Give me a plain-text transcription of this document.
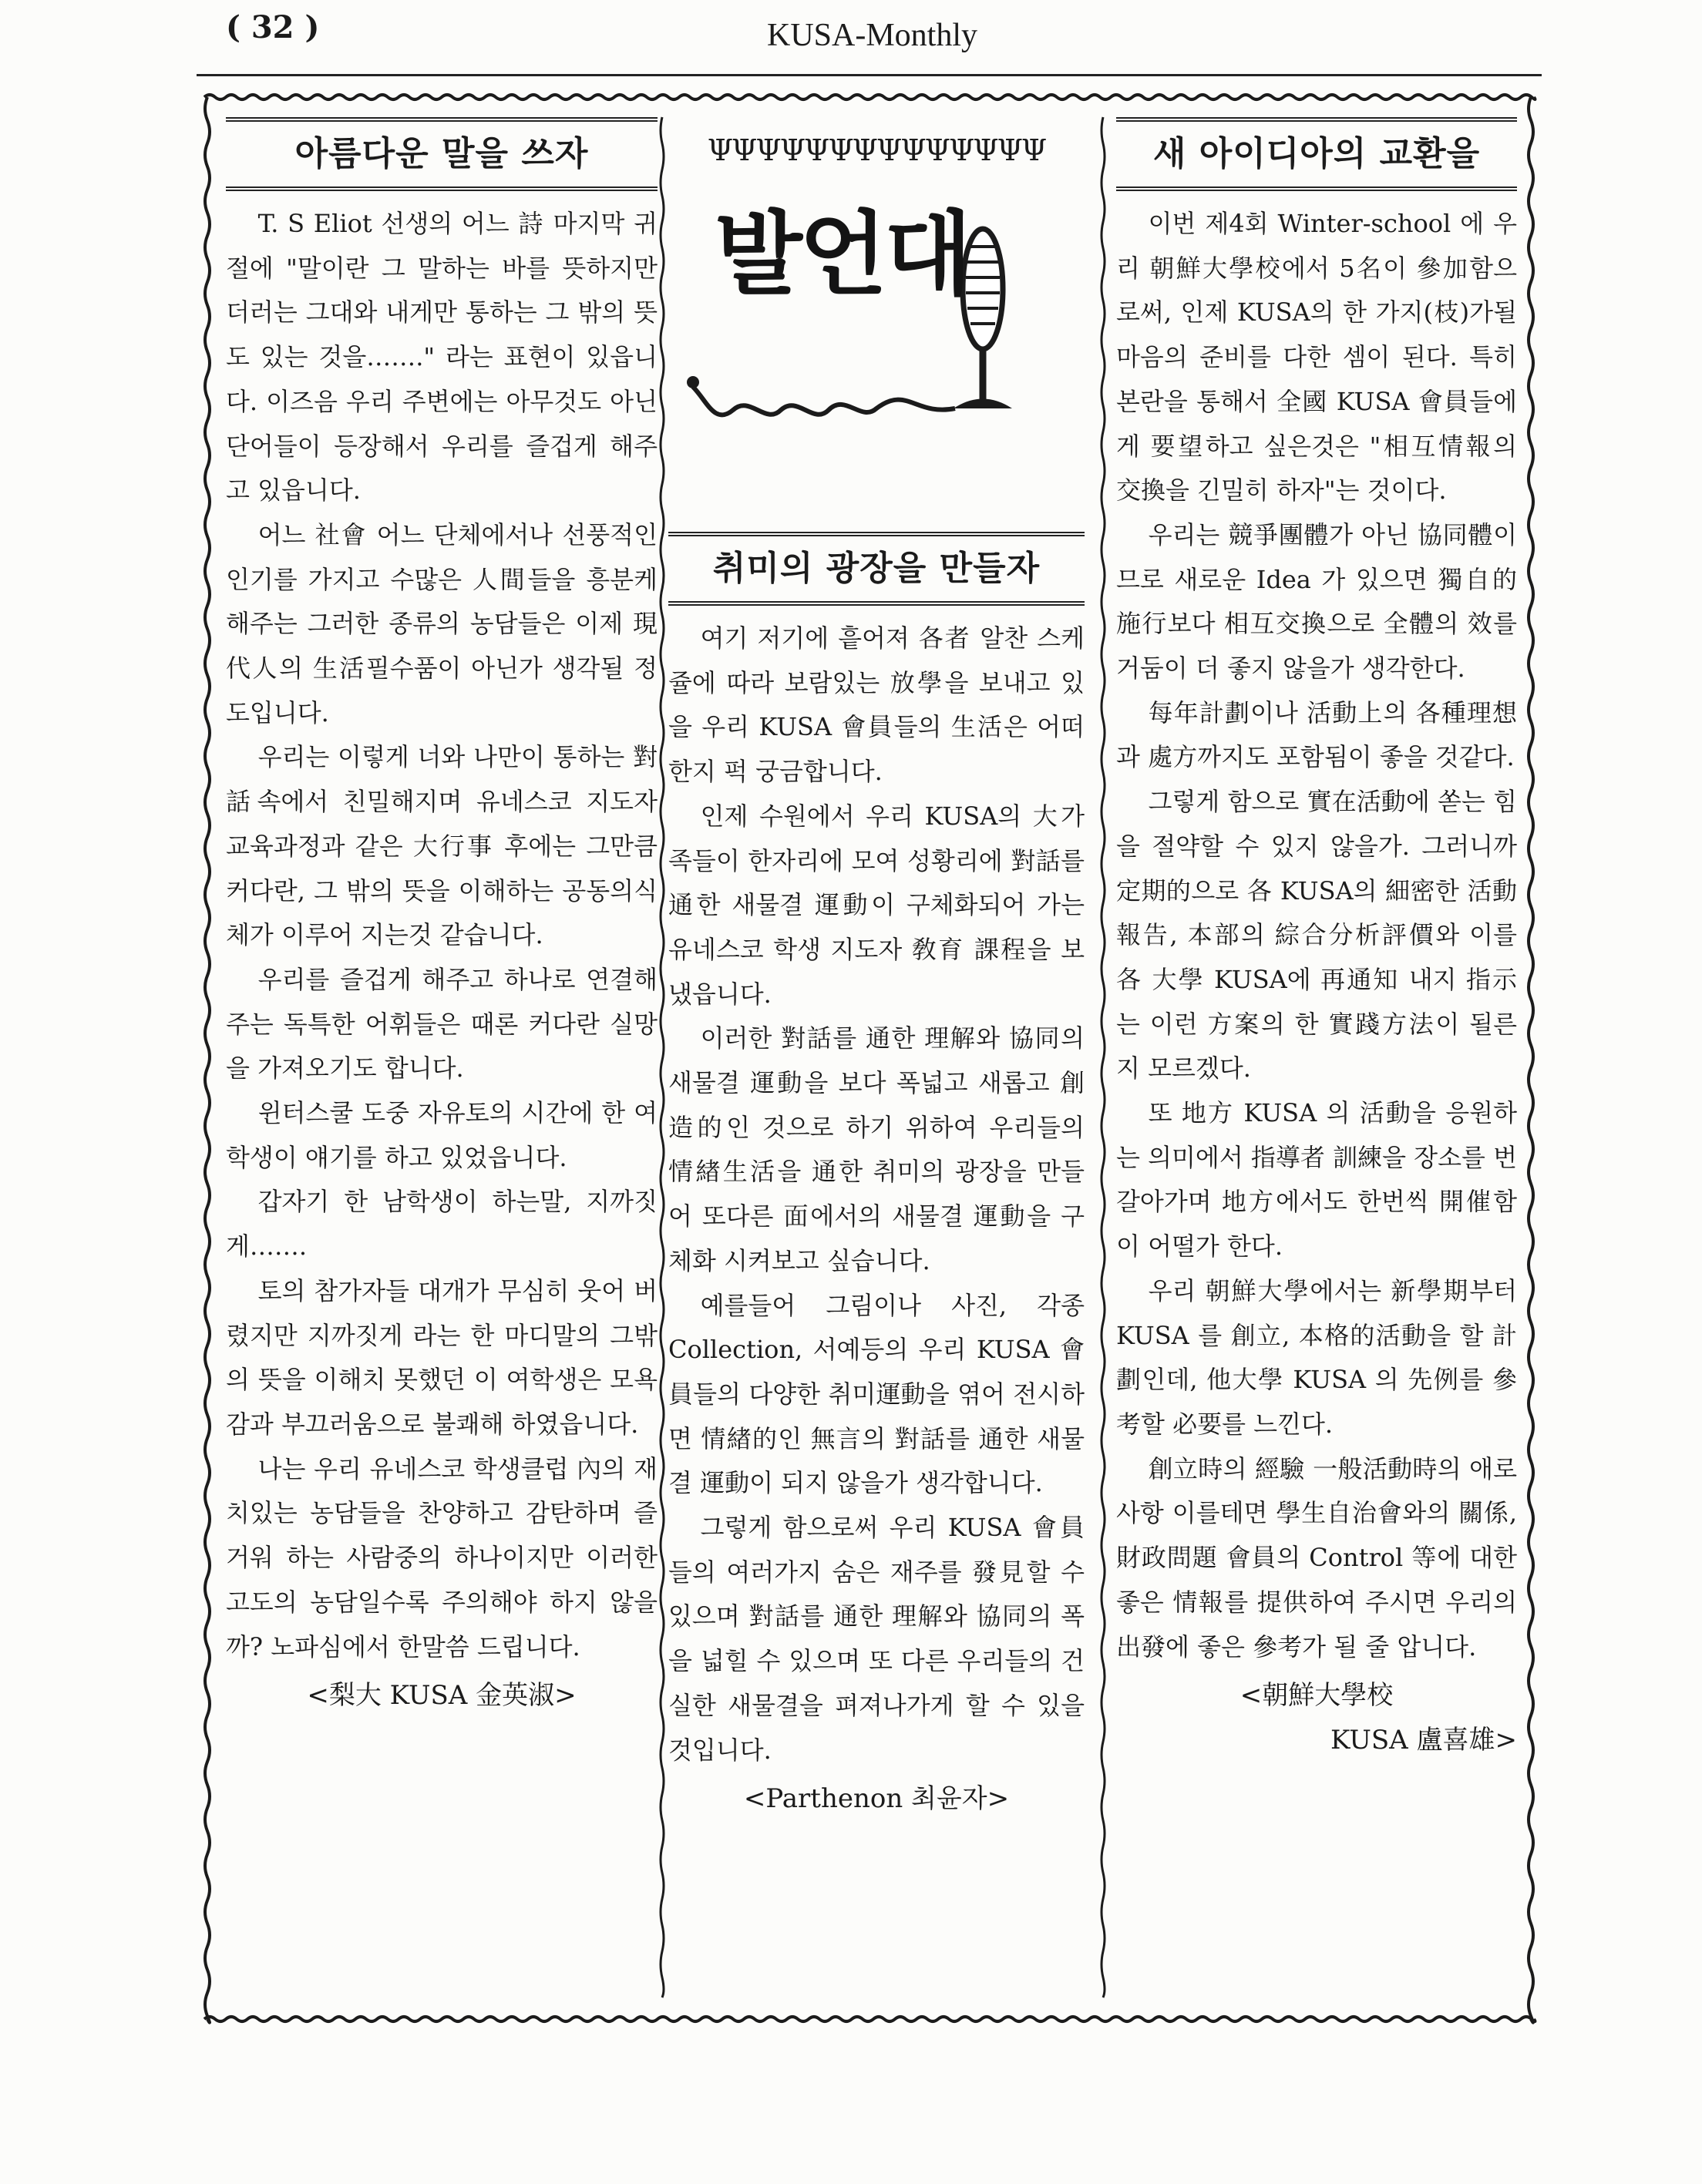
( 32 )	KUSA-Monthly
아름다운 말을 쓰자

T. S Eliot 선생의 어느 詩 마지막 귀절에 "말이란 그 말하는 바를 뜻하지만 더러는 그대와 내게만 통하는 그 밖의 뜻도 있는 것을……." 라는 표현이 있읍니다. 이즈음 우리 주변에는 아무것도 아닌 단어들이 등장해서 우리를 즐겁게 해주고 있읍니다.

어느 社會 어느 단체에서나 선풍적인 인기를 가지고 수많은 人間들을 흥분케 해주는 그러한 종류의 농담들은 이제 現代人의 生活필수품이 아닌가 생각될 정도입니다.

우리는 이렇게 너와 나만이 통하는 對話속에서 친밀해지며 유네스코 지도자 교육과정과 같은 大行事 후에는 그만큼 커다란, 그 밖의 뜻을 이해하는 공동의식체가 이루어 지는것 같습니다.

우리를 즐겁게 해주고 하나로 연결해 주는 독특한 어휘들은 때론 커다란 실망을 가져오기도 합니다.

윈터스쿨 도중 자유토의 시간에 한 여학생이 얘기를 하고 있었읍니다.

갑자기 한 남학생이 하는말, 지까짓게…….

토의 참가자들 대개가 무심히 웃어 버렸지만 지까짓게 라는 한 마디말의 그밖의 뜻을 이해치 못했던 이 여학생은 모욕감과 부끄러움으로 불쾌해 하였읍니다.

나는 우리 유네스코 학생클럽 內의 재치있는 농담들을 찬양하고 감탄하며 즐거워 하는 사람중의 하나이지만 이러한 고도의 농담일수록 주의해야 하지 않을까? 노파심에서 한말씀 드립니다.

<梨大 KUSA 金英淑>

ΨΨΨΨΨΨΨΨΨΨΨΨΨΨ
발언대
취미의 광장을 만들자

여기 저기에 흩어져 各者 알찬 스케쥴에 따라 보람있는 放學을 보내고 있을 우리 KUSA 會員들의 生活은 어떠한지 퍽 궁금합니다.

인제 수원에서 우리 KUSA의 大가족들이 한자리에 모여 성황리에 對話를 通한 새물결 運動이 구체화되어 가는 유네스코 학생 지도자 敎育 課程을 보냈읍니다.

이러한 對話를 通한 理解와 協同의 새물결 運動을 보다 폭넓고 새롭고 創造的인 것으로 하기 위하여 우리들의 情緖生活을 通한 취미의 광장을 만들어 또다른 面에서의 새물결 運動을 구체화 시켜보고 싶습니다.

예를들어 그림이나 사진, 각종 Collection, 서예등의 우리 KUSA 會員들의 다양한 취미運動을 엮어 전시하면 情緖的인 無言의 對話를 通한 새물결 運動이 되지 않을가 생각합니다.

그렇게 함으로써 우리 KUSA 會員들의 여러가지 숨은 재주를 發見할 수 있으며 對話를 通한 理解와 協同의 폭을 넓힐 수 있으며 또 다른 우리들의 건실한 새물결을 펴져나가게 할 수 있을 것입니다.

<Parthenon 최윤자>

새 아이디아의 교환을

이번 제4회 Winter-school 에 우리 朝鮮大學校에서 5名이 參加함으로써, 인제 KUSA의 한 가지(枝)가될 마음의 준비를 다한 셈이 된다. 특히 본란을 통해서 全國 KUSA 會員들에게 要望하고 싶은것은 "相互情報의 交換을 긴밀히 하자"는 것이다.

우리는 競爭團體가 아닌 協同體이므로 새로운 Idea 가 있으면 獨自的施行보다 相互交換으로 全體의 效를 거둠이 더 좋지 않을가 생각한다.

每年計劃이나 活動上의 各種理想과 處方까지도 포함됨이 좋을 것같다.

그렇게 함으로 實在活動에 쏟는 힘을 절약할 수 있지 않을가. 그러니까 定期的으로 各 KUSA의 細密한 活動報告, 本部의 綜合分析評價와 이를 各 大學 KUSA에 再通知 내지 指示는 이런 方案의 한 實踐方法이 될른지 모르겠다.

또 地方 KUSA 의 活動을 응원하는 의미에서 指導者 訓練을 장소를 번갈아가며 地方에서도 한번씩 開催함이 어떨가 한다.

우리 朝鮮大學에서는 新學期부터 KUSA 를 創立, 本格的活動을 할 計劃인데, 他大學 KUSA 의 先例를 參考할 必要를 느낀다.

創立時의 經驗 一般活動時의 애로사항 이를테면 學生自治會와의 關係, 財政問題 會員의 Control 等에 대한 좋은 情報를 提供하여 주시면 우리의 出發에 좋은 參考가 될 줄 압니다.

<朝鮮大學校

KUSA 盧喜雄>
